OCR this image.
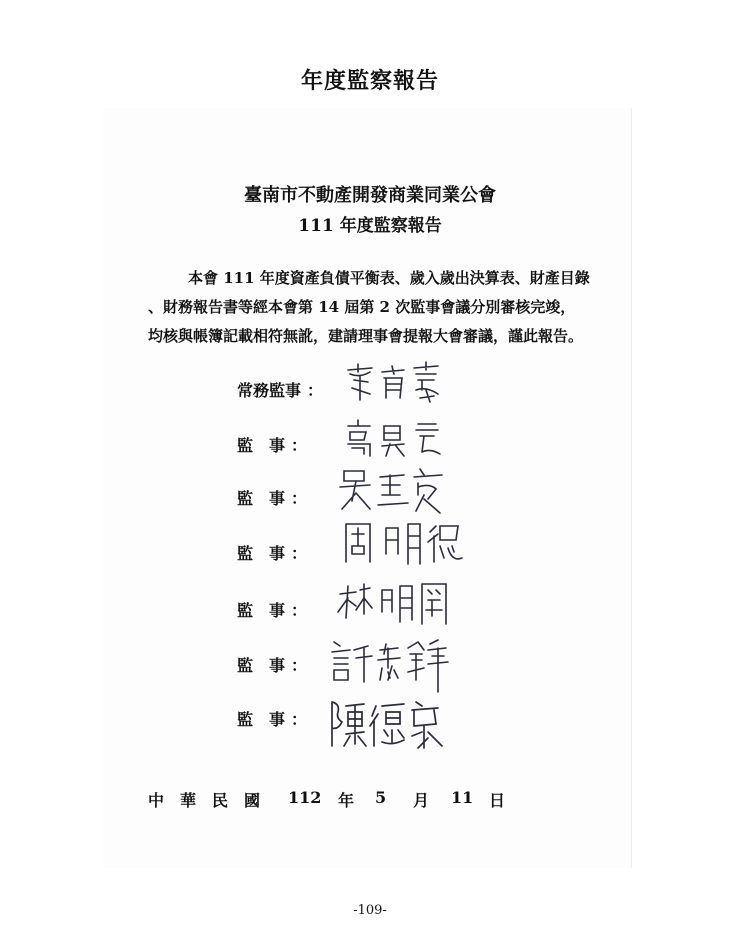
年度監察報告
臺南市不動產開發商業同業公會
111 年度監察報告
本會 111 年度資產負債平衡表、歲入歲出決算表、財產目錄
、財務報告書等經本會第 14 屆第 2 次監事會議分別審核完竣，
均核與帳簿記載相符無訛，建請理事會提報大會審議，謹此報告。
常務監事 ：
監　事 ：
監　事 ：
監　事 ：
監　事 ：
監　事 ：
監　事 ：
中　華　民　國 112 年 5 月 11 日
-109-
